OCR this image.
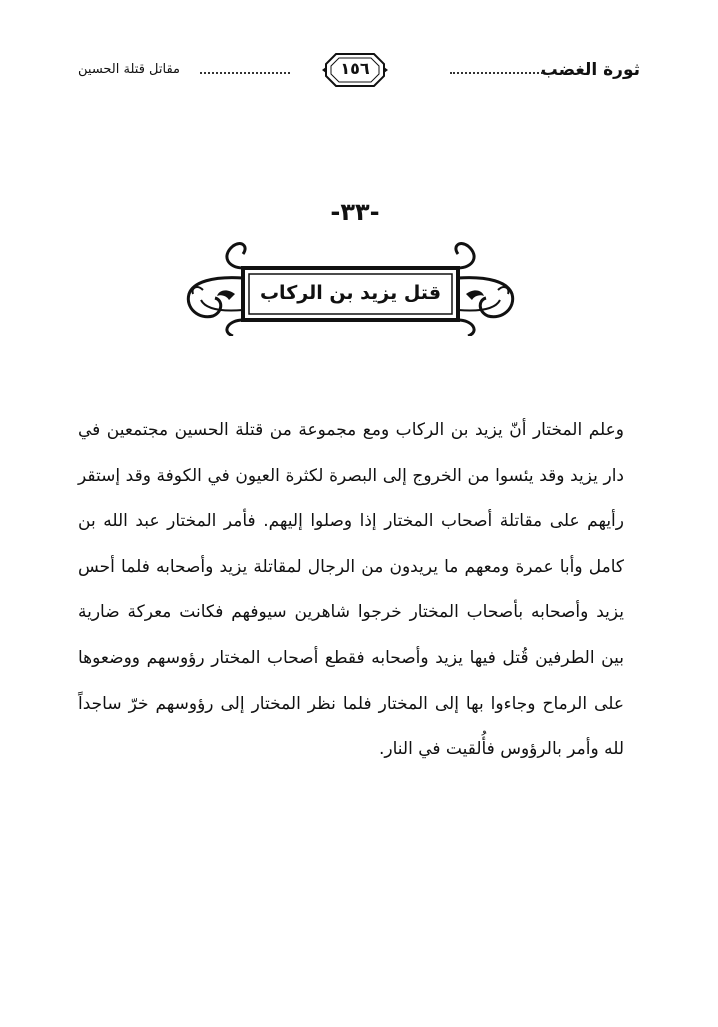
ثورة الغضب
١٥٦
مقاتل قتلة الحسين
-٣٣-
قتل يزيد بن الركاب

وعلم المختار أنّ يزيد بن الركاب ومع مجموعة من قتلة الحسين مجتمعين في دار يزيد وقد يئسوا من الخروج إلى البصرة لكثرة العيون في الكوفة وقد إستقر رأيهم على مقاتلة أصحاب المختار إذا وصلوا إليهم. فأمر المختار عبد الله بن كامل وأبا عمرة ومعهم ما يريدون من الرجال لمقاتلة يزيد وأصحابه فلما أحس يزيد وأصحابه بأصحاب المختار خرجوا شاهرين سيوفهم فكانت معركة ضارية بين الطرفين قُتل فيها يزيد وأصحابه فقطع أصحاب المختار رؤوسهم ووضعوها على الرماح وجاءوا بها إلى المختار فلما نظر المختار إلى رؤوسهم خرّ ساجداً لله وأمر بالرؤوس فأُلقيت في النار.
